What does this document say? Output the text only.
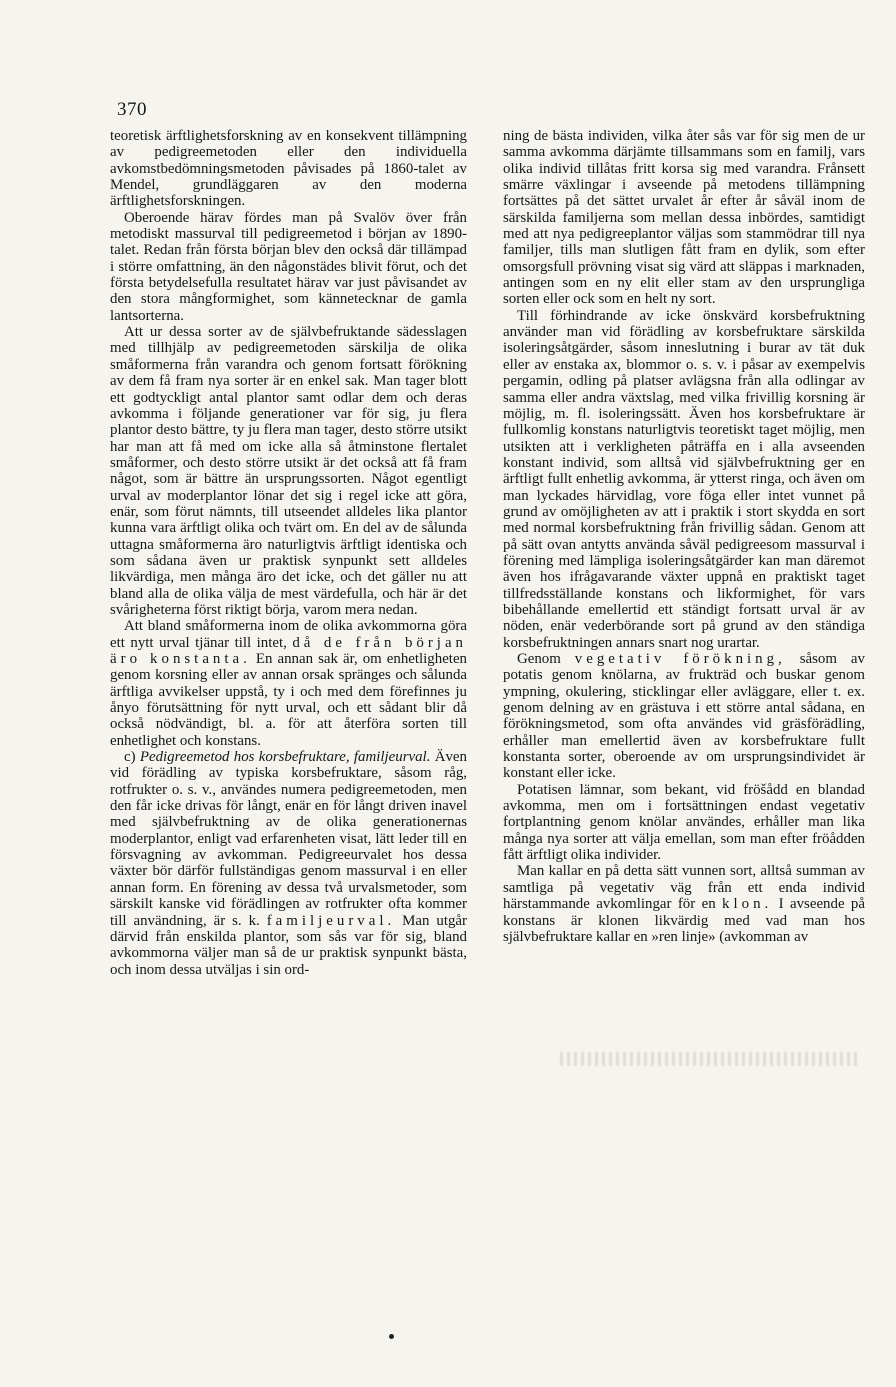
370

teoretisk ärftlighetsforskning av en konsekvent tillämpning av pedigreemetoden eller den individuella avkomstbedömningsmetoden påvisades på 1860-talet av Mendel, grundläggaren av den moderna ärftlighetsforskningen.

Oberoende härav fördes man på Svalöv över från metodiskt massurval till pedigreemetod i början av 1890-talet. Redan från första början blev den också där tillämpad i större omfattning, än den någonstädes blivit förut, och det första betydelsefulla resultatet härav var just påvisandet av den stora mångformighet, som kännetecknar de gamla lantsorterna.

Att ur dessa sorter av de självbefruktande sädesslagen med tillhjälp av pedigreemetoden särskilja de olika småformerna från varandra och genom fortsatt förökning av dem få fram nya sorter är en enkel sak. Man tager blott ett godtyckligt antal plantor samt odlar dem och deras avkomma i följande generationer var för sig, ju flera plantor desto bättre, ty ju flera man tager, desto större utsikt har man att få med om icke alla så åtminstone flertalet småformer, och desto större utsikt är det också att få fram något, som är bättre än ursprungssorten. Något egentligt urval av moderplantor lönar det sig i regel icke att göra, enär, som förut nämnts, till utseendet alldeles lika plantor kunna vara ärftligt olika och tvärt om. En del av de sålunda uttagna småformerna äro naturligtvis ärftligt identiska och som sådana även ur praktisk synpunkt sett alldeles likvärdiga, men många äro det icke, och det gäller nu att bland alla de olika välja de mest värdefulla, och här är det svårigheterna först riktigt börja, varom mera nedan.

Att bland småformerna inom de olika avkommorna göra ett nytt urval tjänar till intet, då de från början äro konstanta. En annan sak är, om enhetligheten genom korsning eller av annan orsak spränges och sålunda ärftliga avvikelser uppstå, ty i och med dem förefinnes ju ånyo förutsättning för nytt urval, och ett sådant blir då också nödvändigt, bl. a. för att återföra sorten till enhetlighet och konstans.

c) Pedigreemetod hos korsbefruktare, familjeurval. Även vid förädling av typiska korsbefruktare, såsom råg, rotfrukter o. s. v., användes numera pedigreemetoden, men den får icke drivas för långt, enär en för långt driven inavel med självbefruktning av de olika generationernas moderplantor, enligt vad erfarenheten visat, lätt leder till en försvagning av avkomman. Pedigreeurvalet hos dessa växter bör därför fullständigas genom massurval i en eller annan form. En förening av dessa två urvalsmetoder, som särskilt kanske vid förädlingen av rotfrukter ofta kommer till användning, är s. k. familjeurval. Man utgår därvid från enskilda plantor, som sås var för sig, bland avkommorna väljer man så de ur praktisk synpunkt bästa, och inom dessa utväljas i sin ord-

ning de bästa individen, vilka åter sås var för sig men de ur samma avkomma därjämte tillsammans som en familj, vars olika individ tillåtas fritt korsa sig med varandra. Frånsett smärre växlingar i avseende på metodens tillämpning fortsättes på det sättet urvalet år efter år såväl inom de särskilda familjerna som mellan dessa inbördes, samtidigt med att nya pedigreeplantor väljas som stammödrar till nya familjer, tills man slutligen fått fram en dylik, som efter omsorgsfull prövning visat sig värd att släppas i marknaden, antingen som en ny elit eller stam av den ursprungliga sorten eller ock som en helt ny sort.

Till förhindrande av icke önskvärd korsbefruktning använder man vid förädling av korsbefruktare särskilda isoleringsåtgärder, såsom inneslutning i burar av tät duk eller av enstaka ax, blommor o. s. v. i påsar av exempelvis pergamin, odling på platser avlägsna från alla odlingar av samma eller andra växtslag, med vilka frivillig korsning är möjlig, m. fl. isoleringssätt. Även hos korsbefruktare är fullkomlig konstans naturligtvis teoretiskt taget möjlig, men utsikten att i verkligheten påträffa en i alla avseenden konstant individ, som alltså vid självbefruktning ger en ärftligt fullt enhetlig avkomma, är ytterst ringa, och även om man lyckades härvidlag, vore föga eller intet vunnet på grund av omöjligheten av att i praktik i stort skydda en sort med normal korsbefruktning från frivillig sådan. Genom att på sätt ovan antytts använda såväl pedigreesom massurval i förening med lämpliga isoleringsåtgärder kan man däremot även hos ifrågavarande växter uppnå en praktiskt taget tillfredsställande konstans och likformighet, för vars bibehållande emellertid ett ständigt fortsatt urval är av nöden, enär vederbörande sort på grund av den ständiga korsbefruktningen annars snart nog urartar.

Genom vegetativ förökning, såsom av potatis genom knölarna, av frukträd och buskar genom ympning, okulering, sticklingar eller avläggare, eller t. ex. genom delning av en grästuva i ett större antal sådana, en förökningsmetod, som ofta användes vid gräsförädling, erhåller man emellertid även av korsbefruktare fullt konstanta sorter, oberoende av om ursprungsindividet är konstant eller icke.

Potatisen lämnar, som bekant, vid fröšådd en blandad avkomma, men om i fortsättningen endast vegetativ fortplantning genom knölar användes, erhåller man lika många nya sorter att välja emellan, som man efter fröådden fått ärftligt olika individer.

Man kallar en på detta sätt vunnen sort, alltså summan av samtliga på vegetativ väg från ett enda individ härstammande avkomlingar för en klon. I avseende på konstans är klonen likvärdig med vad man hos självbefruktare kallar en »ren linje» (avkomman av
